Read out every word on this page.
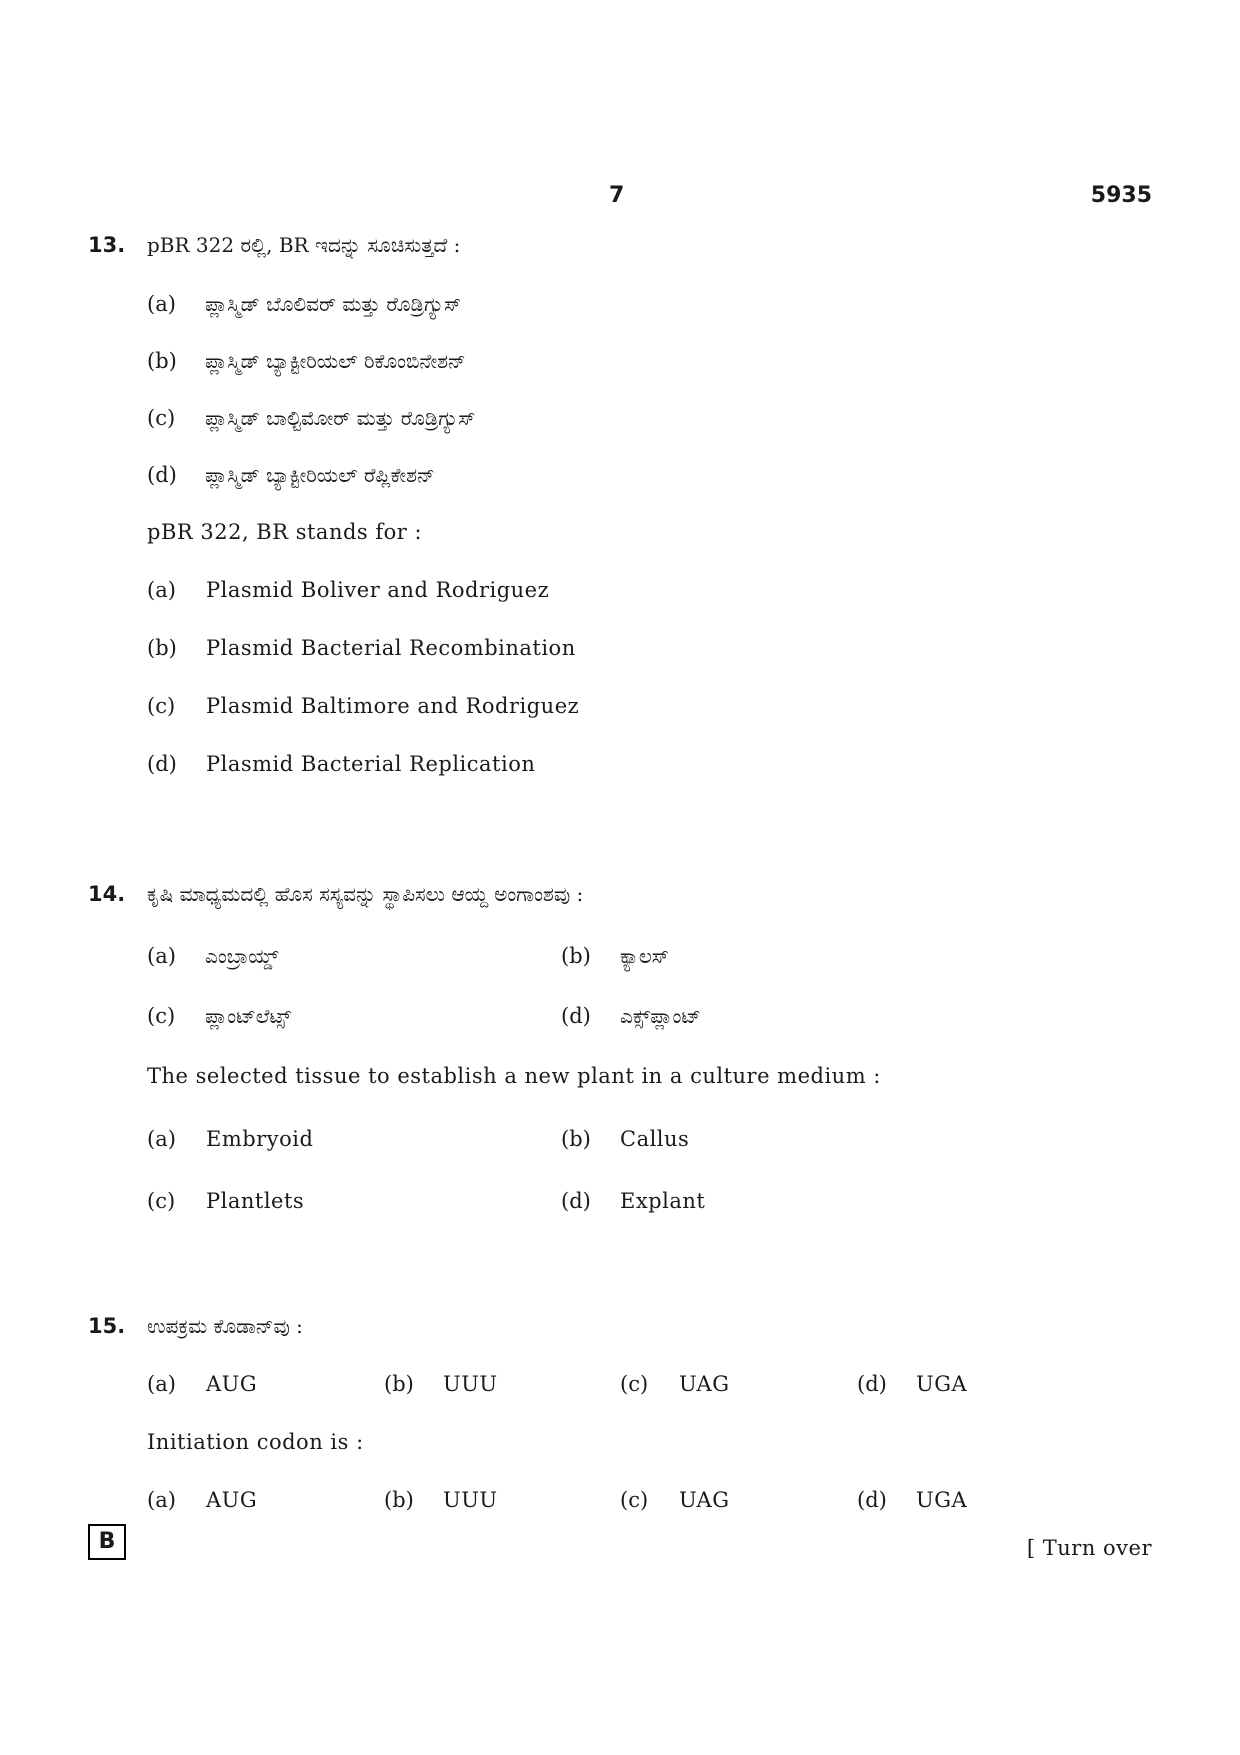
7	5935
13. pBR 322 ರಲ್ಲಿ, BR ಇದನ್ನು ಸೂಚಿಸುತ್ತದೆ :
(a) ಪ್ಲಾಸ್ಮಿಡ್ ಬೊಲಿವರ್ ಮತ್ತು ರೊಡ್ರಿಗ್ಯುಸ್
(b) ಪ್ಲಾಸ್ಮಿಡ್ ಬ್ಯಾಕ್ಟೀರಿಯಲ್ ರಿಕೊಂಬಿನೇಶನ್
(c) ಪ್ಲಾಸ್ಮಿಡ್ ಬಾಲ್ಟಿಮೋರ್ ಮತ್ತು ರೊಡ್ರಿಗ್ಯುಸ್
(d) ಪ್ಲಾಸ್ಮಿಡ್ ಬ್ಯಾಕ್ಟೀರಿಯಲ್ ರೆಪ್ಲಿಕೇಶನ್
pBR 322, BR stands for :
(a) Plasmid Boliver and Rodriguez
(b) Plasmid Bacterial Recombination
(c) Plasmid Baltimore and Rodriguez
(d) Plasmid Bacterial Replication
14. ಕೃಷಿ ಮಾಧ್ಯಮದಲ್ಲಿ ಹೊಸ ಸಸ್ಯವನ್ನು ಸ್ಥಾಪಿಸಲು ಆಯ್ದ ಅಂಗಾಂಶವು :
(a) ಎಂಬ್ರಾಯ್ಡ್	(b) ಕ್ಯಾಲಸ್
(c) ಪ್ಲಾಂಟ್‌ಲೆಟ್ಸ್	(d) ಎಕ್ಸ್‌ಪ್ಲಾಂಟ್
The selected tissue to establish a new plant in a culture medium :
(a) Embryoid	(b) Callus
(c) Plantlets	(d) Explant
15. ಉಪಕ್ರಮ ಕೊಡಾನ್‌ವು :
(a) AUG	(b) UUU	(c) UAG	(d) UGA
Initiation codon is :
(a) AUG	(b) UUU	(c) UAG	(d) UGA
B	[ Turn over
